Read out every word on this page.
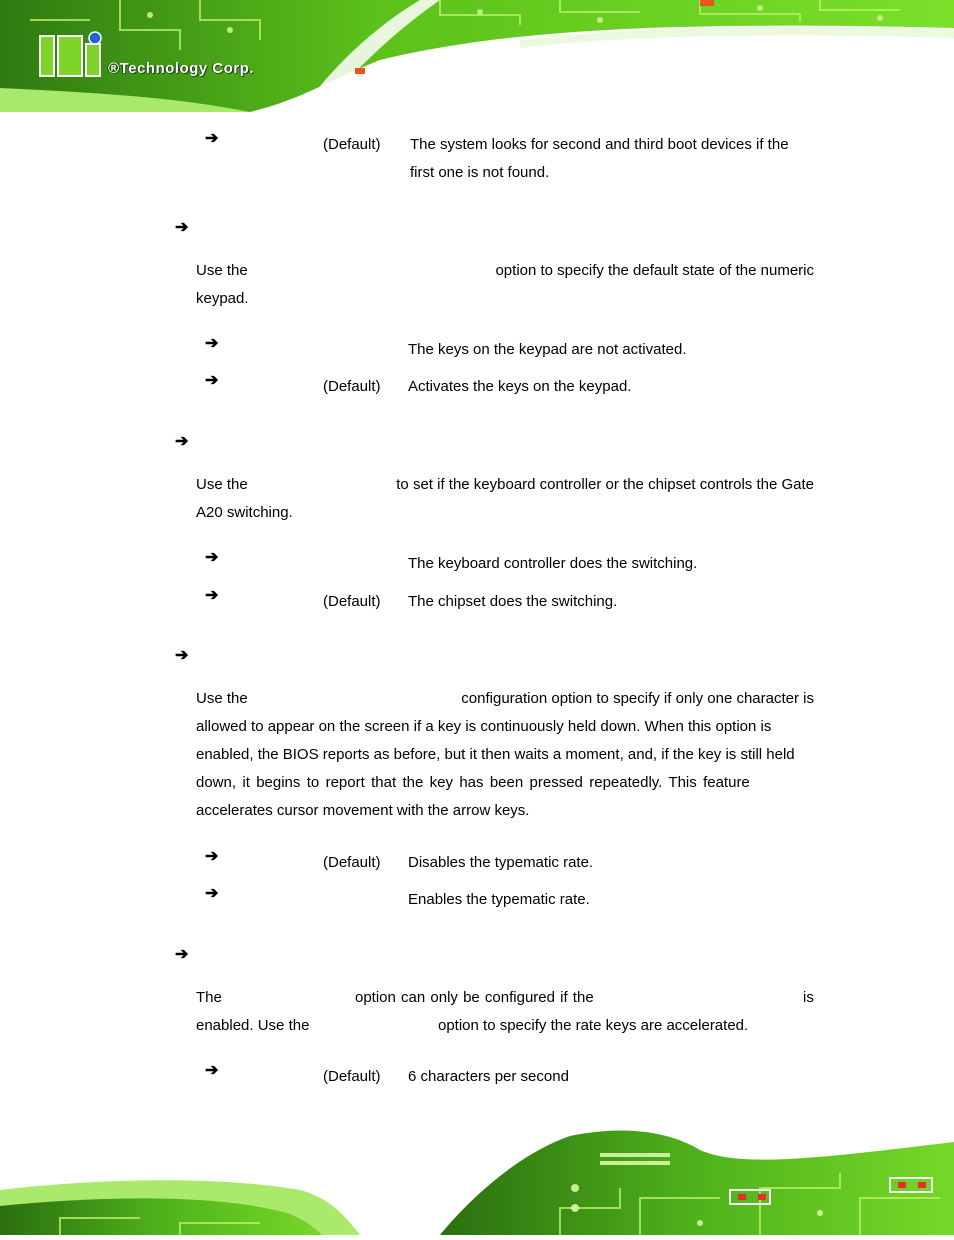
®Technology Corp.
➔	(Default) The system looks for second and third boot devices if the
first one is not found.
➔
Use the	option to specify the default state of the numeric
keypad.
➔	The keys on the keypad are not activated.
➔	(Default) Activates the keys on the keypad.
➔
Use the	to set if the keyboard controller or the chipset controls the Gate
A20 switching.
➔	The keyboard controller does the switching.
➔	(Default) The chipset does the switching.
➔
Use the	configuration option to specify if only one character is
allowed to appear on the screen if a key is continuously held down. When this option is
enabled, the BIOS reports as before, but it then waits a moment, and, if the key is still held
down,  it  begins  to  report  that  the  key  has  been  pressed  repeatedly.  This  feature
accelerates cursor movement with the arrow keys.
➔	(Default) Disables the typematic rate.
➔	Enables the typematic rate.
➔
The	option can only be configured if the	is
enabled. Use the	option to specify the rate keys are accelerated.
➔	(Default) 6 characters per second
